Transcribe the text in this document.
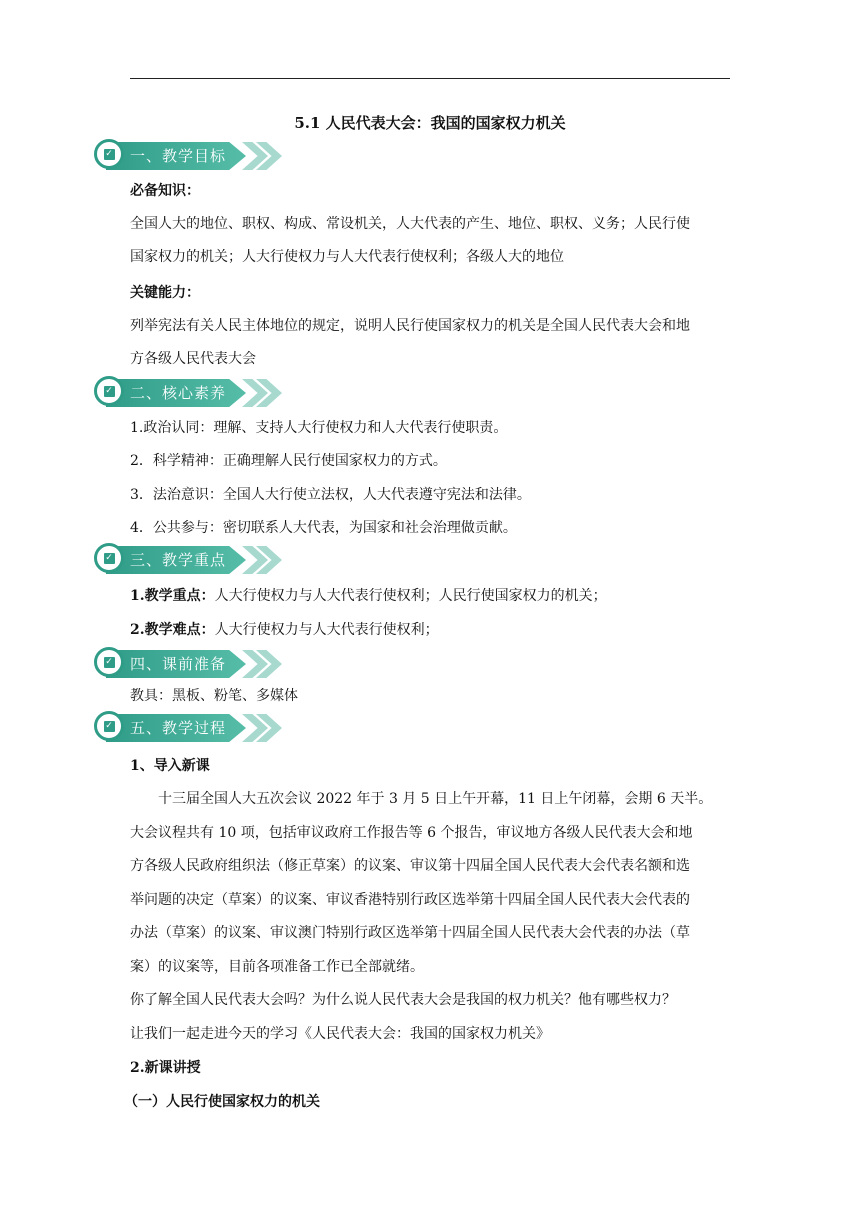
5.1 人民代表大会：我国的国家权力机关
✓ 一、教学目标
必备知识：
全国人大的地位、职权、构成、常设机关，人大代表的产生、地位、职权、义务；人民行使
国家权力的机关；人大行使权力与人大代表行使权利；各级人大的地位
关键能力：
列举宪法有关人民主体地位的规定，说明人民行使国家权力的机关是全国人民代表大会和地
方各级人民代表大会
✓ 二、核心素养
1.政治认同：理解、支持人大行使权力和人大代表行使职责。
2．科学精神：正确理解人民行使国家权力的方式。
3．法治意识：全国人大行使立法权，人大代表遵守宪法和法律。
4．公共参与：密切联系人大代表，为国家和社会治理做贡献。
✓ 三、教学重点
1.教学重点：人大行使权力与人大代表行使权利；人民行使国家权力的机关；
2.教学难点：人大行使权力与人大代表行使权利；
✓ 四、课前准备
教具：黑板、粉笔、多媒体
✓ 五、教学过程
1、导入新课
十三届全国人大五次会议 2022 年于 3 月 5 日上午开幕，11 日上午闭幕，会期 6 天半。
大会议程共有 10 项，包括审议政府工作报告等 6 个报告，审议地方各级人民代表大会和地
方各级人民政府组织法（修正草案）的议案、审议第十四届全国人民代表大会代表名额和选
举问题的决定（草案）的议案、审议香港特别行政区选举第十四届全国人民代表大会代表的
办法（草案）的议案、审议澳门特别行政区选举第十四届全国人民代表大会代表的办法（草
案）的议案等，目前各项准备工作已全部就绪。
你了解全国人民代表大会吗？为什么说人民代表大会是我国的权力机关？他有哪些权力？
让我们一起走进今天的学习《人民代表大会：我国的国家权力机关》
2.新课讲授
（一）人民行使国家权力的机关
